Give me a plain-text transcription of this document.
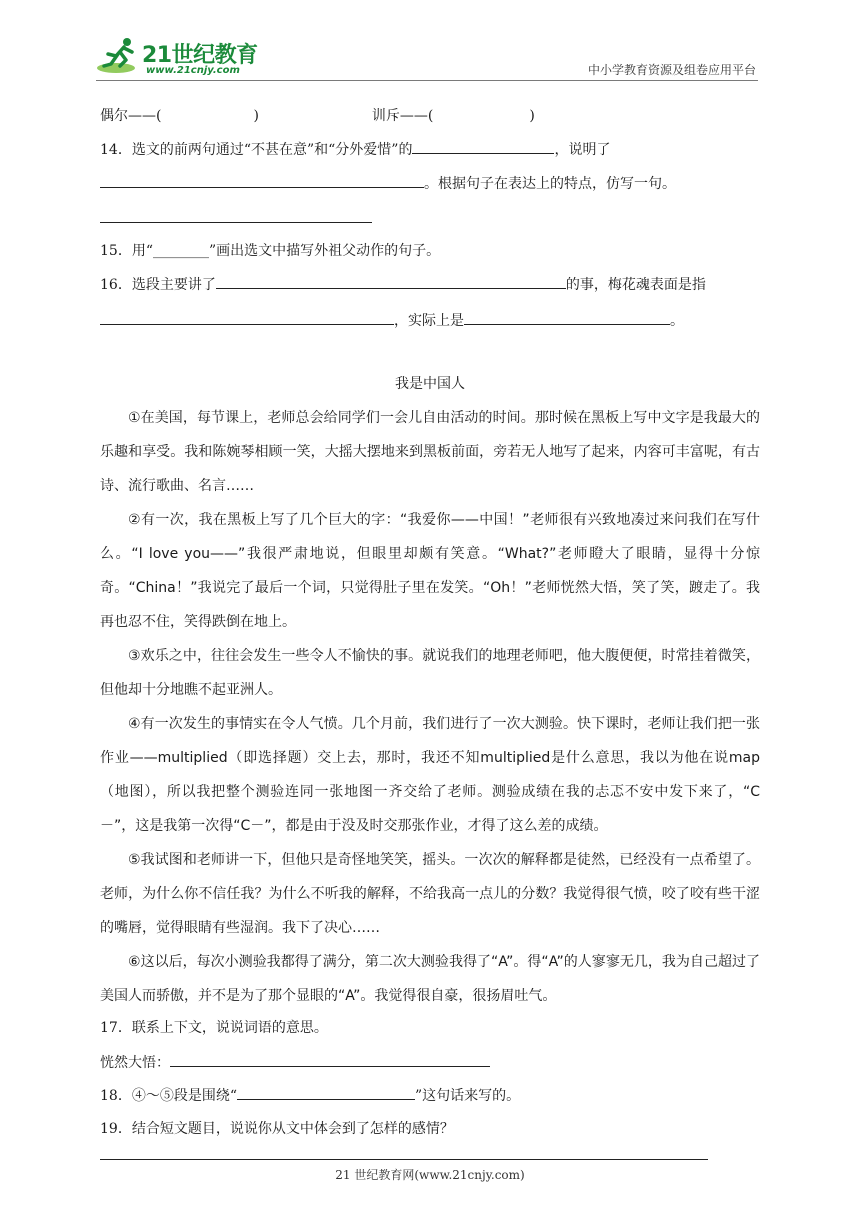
21世纪教育
www.21cnjy.com	中小学教育资源及组卷应用平台
偶尔——(	)	训斥——(	)
14．选文的前两句通过“不甚在意”和“分外爱惜”的	，说明了
。根据句子在表达上的特点，仿写一句。
15．用“________”画出选文中描写外祖父动作的句子。
16．选段主要讲了	的事，梅花魂表面是指
，实际上是	。
我是中国人

①在美国，每节课上，老师总会给同学们一会儿自由活动的时间。那时候在黑板上写中文字是我最大的乐趣和享受。我和陈婉琴相顾一笑，大摇大摆地来到黑板前面，旁若无人地写了起来，内容可丰富呢，有古诗、流行歌曲、名言……

②有一次，我在黑板上写了几个巨大的字：“我爱你——中国！”老师很有兴致地凑过来问我们在写什么。“I love you——”我很严肃地说，但眼里却颇有笑意。“What?”老师瞪大了眼睛，显得十分惊奇。“China！”我说完了最后一个词，只觉得肚子里在发笑。“Oh！”老师恍然大悟，笑了笑，踱走了。我再也忍不住，笑得跌倒在地上。

③欢乐之中，往往会发生一些令人不愉快的事。就说我们的地理老师吧，他大腹便便，时常挂着微笑，但他却十分地瞧不起亚洲人。

④有一次发生的事情实在令人气愤。几个月前，我们进行了一次大测验。快下课时，老师让我们把一张作业——multiplied（即选择题）交上去，那时，我还不知multiplied是什么意思，我以为他在说map（地图），所以我把整个测验连同一张地图一齐交给了老师。测验成绩在我的忐忑不安中发下来了，“C－”，这是我第一次得“C－”，都是由于没及时交那张作业，才得了这么差的成绩。

⑤我试图和老师讲一下，但他只是奇怪地笑笑，摇头。一次次的解释都是徒然，已经没有一点希望了。老师，为什么你不信任我？为什么不听我的解释，不给我高一点儿的分数？我觉得很气愤，咬了咬有些干涩的嘴唇，觉得眼睛有些湿润。我下了决心……

⑥这以后，每次小测验我都得了满分，第二次大测验我得了“A”。得“A”的人寥寥无几，我为自己超过了美国人而骄傲，并不是为了那个显眼的“A”。我觉得很自豪，很扬眉吐气。

17．联系上下文，说说词语的意思。
恍然大悟：
18．④～⑤段是围绕“	”这句话来写的。
19．结合短文题目，说说你从文中体会到了怎样的感情？
21 世纪教育网(www.21cnjy.com)
